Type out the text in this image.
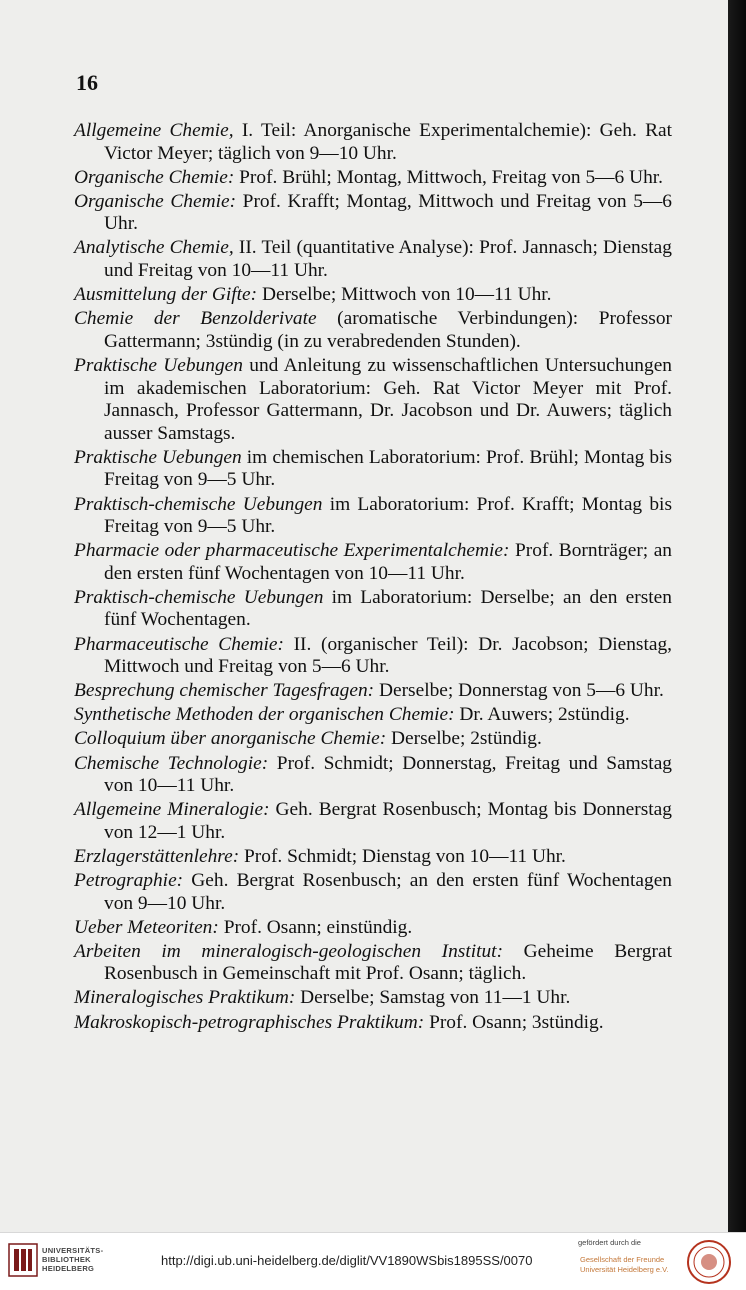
16

Allgemeine Chemie, I. Teil: Anorganische Experimentalchemie): Geh. Rat Victor Meyer; täglich von 9—10 Uhr.

Organische Chemie: Prof. Brühl; Montag, Mittwoch, Freitag von 5—6 Uhr.

Organische Chemie: Prof. Krafft; Montag, Mittwoch und Freitag von 5—6 Uhr.

Analytische Chemie, II. Teil (quantitative Analyse): Prof. Jannasch; Dienstag und Freitag von 10—11 Uhr.

Ausmittelung der Gifte: Derselbe; Mittwoch von 10—11 Uhr.

Chemie der Benzolderivate (aromatische Verbindungen): Professor Gattermann; 3stündig (in zu verabredenden Stunden).

Praktische Uebungen und Anleitung zu wissenschaftlichen Untersuchungen im akademischen Laboratorium: Geh. Rat Victor Meyer mit Prof. Jannasch, Professor Gattermann, Dr. Jacobson und Dr. Auwers; täglich ausser Samstags.

Praktische Uebungen im chemischen Laboratorium: Prof. Brühl; Montag bis Freitag von 9—5 Uhr.

Praktisch-chemische Uebungen im Laboratorium: Prof. Krafft; Montag bis Freitag von 9—5 Uhr.

Pharmacie oder pharmaceutische Experimentalchemie: Prof. Bornträger; an den ersten fünf Wochentagen von 10—11 Uhr.

Praktisch-chemische Uebungen im Laboratorium: Derselbe; an den ersten fünf Wochentagen.

Pharmaceutische Chemie: II. (organischer Teil): Dr. Jacobson; Dienstag, Mittwoch und Freitag von 5—6 Uhr.

Besprechung chemischer Tagesfragen: Derselbe; Donnerstag von 5—6 Uhr.

Synthetische Methoden der organischen Chemie: Dr. Auwers; 2stündig.

Colloquium über anorganische Chemie: Derselbe; 2stündig.

Chemische Technologie: Prof. Schmidt; Donnerstag, Freitag und Samstag von 10—11 Uhr.

Allgemeine Mineralogie: Geh. Bergrat Rosenbusch; Montag bis Donnerstag von 12—1 Uhr.

Erzlagerstättenlehre: Prof. Schmidt; Dienstag von 10—11 Uhr.

Petrographie: Geh. Bergrat Rosenbusch; an den ersten fünf Wochentagen von 9—10 Uhr.

Ueber Meteoriten: Prof. Osann; einstündig.

Arbeiten im mineralogisch-geologischen Institut: Geheime Bergrat Rosenbusch in Gemeinschaft mit Prof. Osann; täglich.

Mineralogisches Praktikum: Derselbe; Samstag von 11—1 Uhr.

Makroskopisch-petrographisches Praktikum: Prof. Osann; 3stündig.

UNIVERSITÄTS-
BIBLIOTHEK
HEIDELBERG
http://digi.ub.uni-heidelberg.de/diglit/VV1890WSbis1895SS/0070
gefördert durch die
Gesellschaft der Freunde
Universität Heidelberg e.V.
